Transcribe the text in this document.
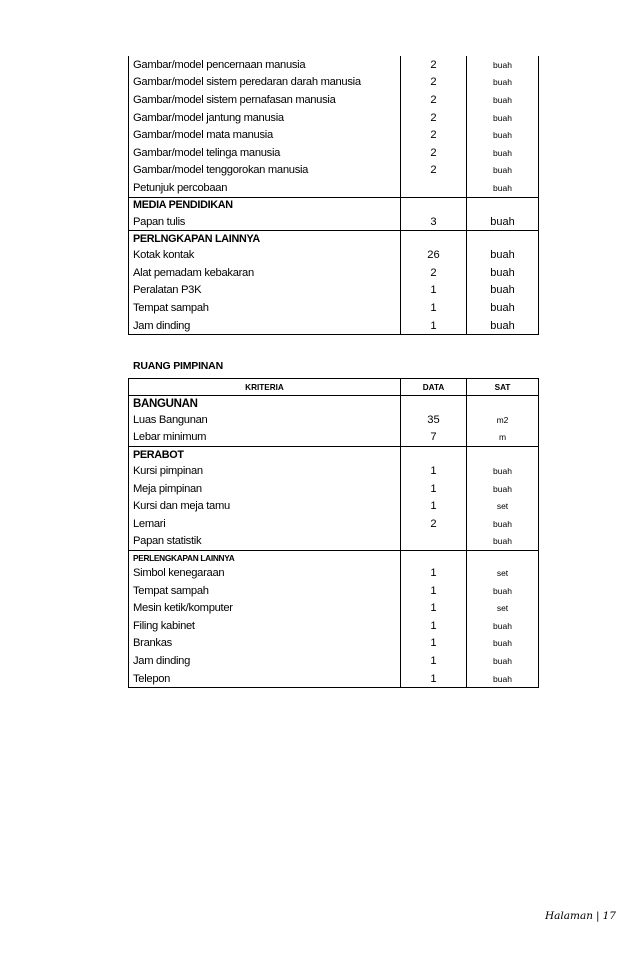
Gambar/model pencernaan manusia	2	buah
Gambar/model sistem peredaran darah manusia	2	buah
Gambar/model sistem pernafasan manusia	2	buah
Gambar/model jantung manusia	2	buah
Gambar/model mata manusia	2	buah
Gambar/model telinga manusia	2	buah
Gambar/model tenggorokan manusia	2	buah
Petunjuk percobaan		buah
MEDIA PENDIDIKAN		
Papan tulis	3	buah
PERLNGKAPAN LAINNYA		
Kotak kontak	26	buah
Alat pemadam kebakaran	2	buah
Peralatan P3K	1	buah
Tempat sampah	1	buah
Jam dinding	1	buah
RUANG PIMPINAN
KRITERIA	DATA	SAT
BANGUNAN		
Luas Bangunan	35	m2
Lebar minimum	7	m
PERABOT		
Kursi pimpinan	1	buah
Meja pimpinan	1	buah
Kursi dan meja tamu	1	set
Lemari	2	buah
Papan statistik		buah
PERLENGKAPAN LAINNYA		
Simbol kenegaraan	1	set
Tempat sampah	1	buah
Mesin ketik/komputer	1	set
Filing kabinet	1	buah
Brankas	1	buah
Jam dinding	1	buah
Telepon	1	buah
Halaman | 17
